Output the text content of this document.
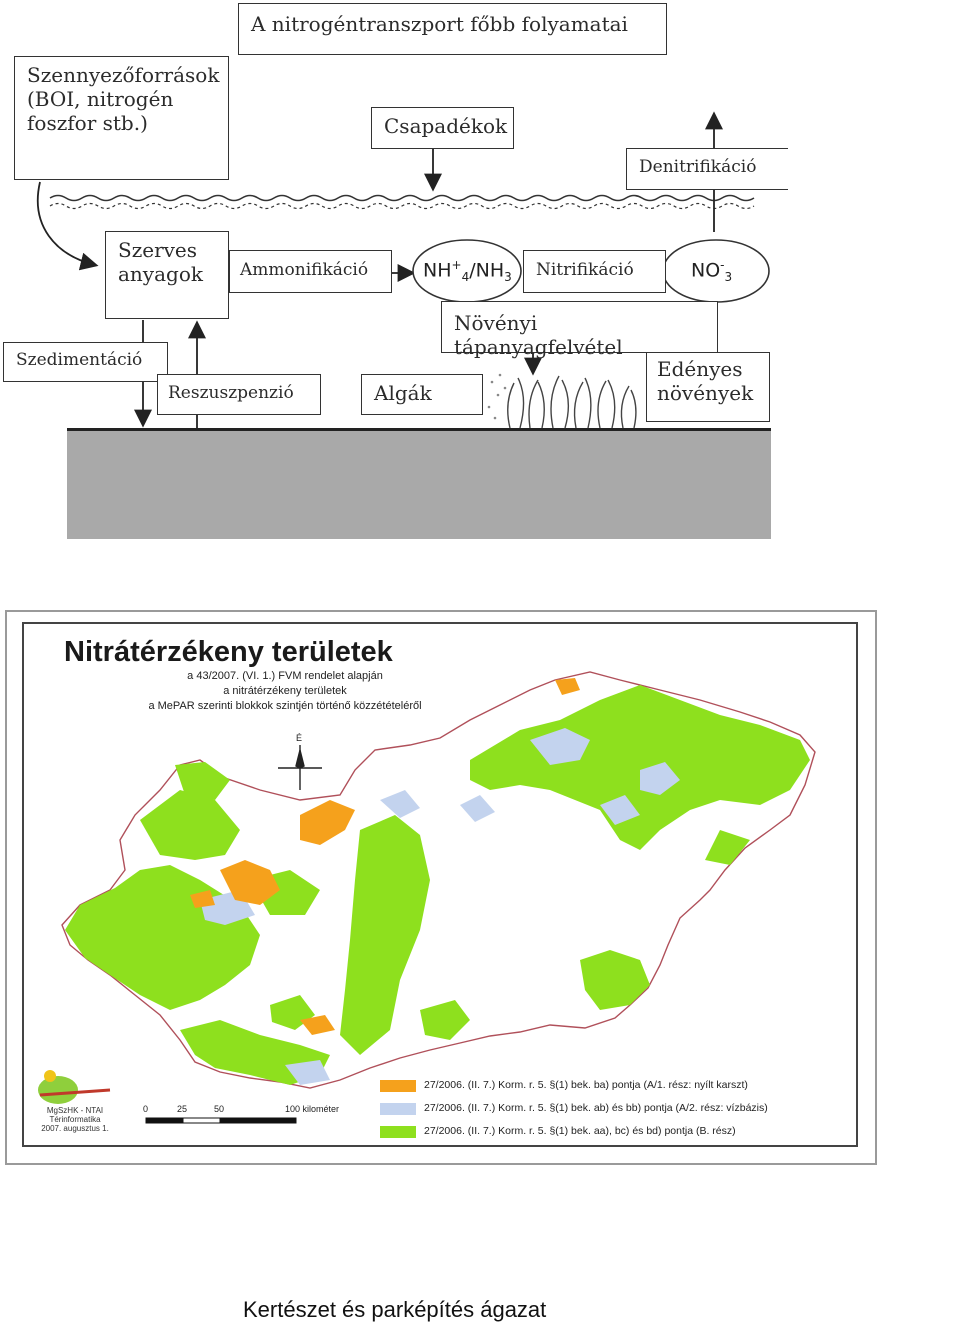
A nitrogéntranszport főbb folyamatai
Szennyezőforrások
(BOI, nitrogén
foszfor stb.)	Csapadékok
Denitrifikáció
Szerves
anyagok	Ammonifikáció	$NH^+_4/NH_3$	Nitrifikáció	$NO^-_3$
Növényi tápanyagfelvétel
Szedimentáció
Reszuszpenzió	Algák
Edényes
növények
Nitrátérzékeny területek
a 43/2007. (VI. 1.) FVM rendelet alapján
a nitrátérzékeny területek
a MePAR szerinti blokkok szintjén történő közzétételéről
É
MgSzHK - NTAI
Térinformatika
2007. augusztus 1.
0	25	50	100 kilométer
27/2006. (II. 7.) Korm. r. 5. §(1) bek. ba) pontja (A/1. rész: nyílt karszt)
27/2006. (II. 7.) Korm. r. 5. §(1) bek. ab) és bb) pontja (A/2. rész: vízbázis)
27/2006. (II. 7.) Korm. r. 5. §(1) bek. aa), bc) és bd) pontja (B. rész)
Kertészet és parképítés ágazat
